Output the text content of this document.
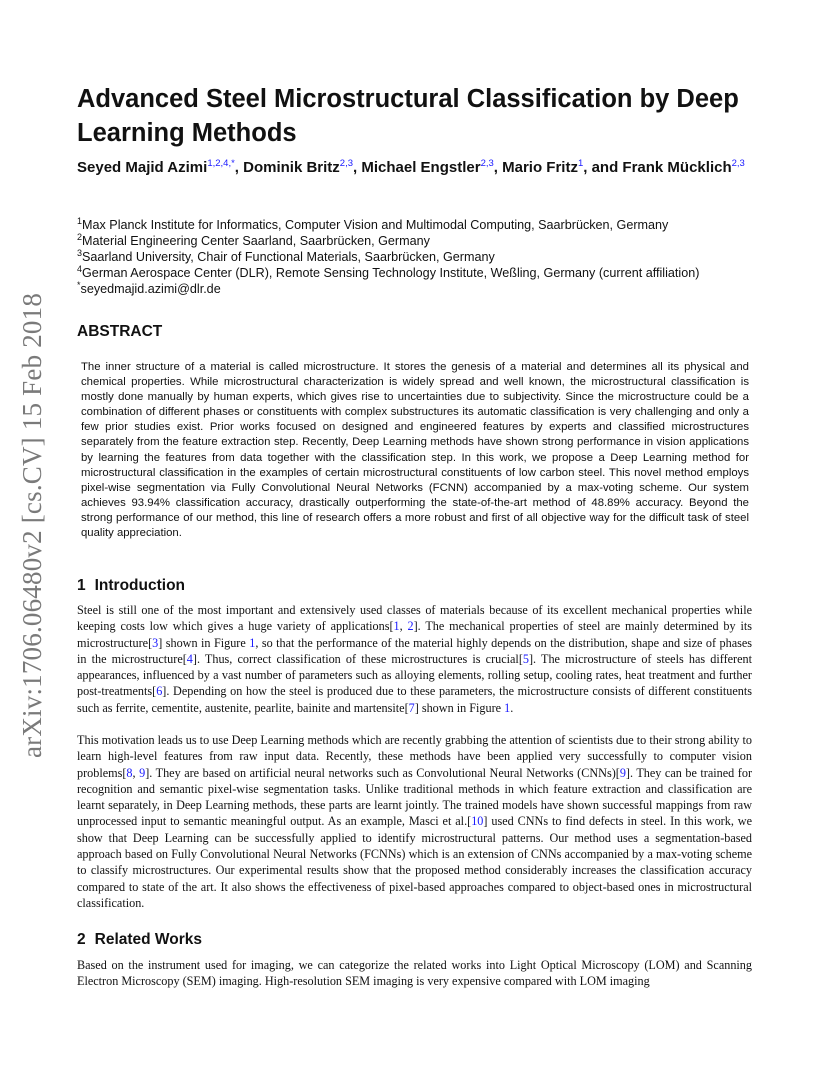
arXiv:1706.06480v2 [cs.CV] 15 Feb 2018
Advanced Steel Microstructural Classification by Deep Learning Methods
Seyed Majid Azimi$^{1,2,4,*}$, Dominik Britz$^{2,3}$, Michael Engstler$^{2,3}$, Mario Fritz$^1$, and Frank Mücklich$^{2,3}$
$^1$Max Planck Institute for Informatics, Computer Vision and Multimodal Computing, Saarbrücken, Germany
$^2$Material Engineering Center Saarland, Saarbrücken, Germany
$^3$Saarland University, Chair of Functional Materials, Saarbrücken, Germany
$^4$German Aerospace Center (DLR), Remote Sensing Technology Institute, Weßling, Germany (current affiliation)
*seyedmajid.azimi@dlr.de
ABSTRACT

The inner structure of a material is called microstructure. It stores the genesis of a material and determines all its physical and chemical properties. While microstructural characterization is widely spread and well known, the microstructural classification is mostly done manually by human experts, which gives rise to uncertainties due to subjectivity. Since the microstructure could be a combination of different phases or constituents with complex substructures its automatic classification is very challenging and only a few prior studies exist. Prior works focused on designed and engineered features by experts and classified microstructures separately from the feature extraction step. Recently, Deep Learning methods have shown strong performance in vision applications by learning the features from data together with the classification step. In this work, we propose a Deep Learning method for microstructural classification in the examples of certain microstructural constituents of low carbon steel. This novel method employs pixel-wise segmentation via Fully Convolutional Neural Networks (FCNN) accompanied by a max-voting scheme. Our system achieves 93.94% classification accuracy, drastically outperforming the state-of-the-art method of 48.89% accuracy. Beyond the strong performance of our method, this line of research offers a more robust and first of all objective way for the difficult task of steel quality appreciation.

1 Introduction

Steel is still one of the most important and extensively used classes of materials because of its excellent mechanical properties while keeping costs low which gives a huge variety of applications[1, 2]. The mechanical properties of steel are mainly determined by its microstructure[3] shown in Figure 1, so that the performance of the material highly depends on the distribution, shape and size of phases in the microstructure[4]. Thus, correct classification of these microstructures is crucial[5]. The microstructure of steels has different appearances, influenced by a vast number of parameters such as alloying elements, rolling setup, cooling rates, heat treatment and further post-treatments[6]. Depending on how the steel is produced due to these parameters, the microstructure consists of different constituents such as ferrite, cementite, austenite, pearlite, bainite and martensite[7] shown in Figure 1.

This motivation leads us to use Deep Learning methods which are recently grabbing the attention of scientists due to their strong ability to learn high-level features from raw input data. Recently, these methods have been applied very successfully to computer vision problems[8, 9]. They are based on artificial neural networks such as Convolutional Neural Networks (CNNs)[9]. They can be trained for recognition and semantic pixel-wise segmentation tasks. Unlike traditional methods in which feature extraction and classification are learnt separately, in Deep Learning methods, these parts are learnt jointly. The trained models have shown successful mappings from raw unprocessed input to semantic meaningful output. As an example, Masci et al.[10] used CNNs to find defects in steel. In this work, we show that Deep Learning can be successfully applied to identify microstructural patterns. Our method uses a segmentation-based approach based on Fully Convolutional Neural Networks (FCNNs) which is an extension of CNNs accompanied by a max-voting scheme to classify microstructures. Our experimental results show that the proposed method considerably increases the classification accuracy compared to state of the art. It also shows the effectiveness of pixel-based approaches compared to object-based ones in microstructural classification.

2 Related Works

Based on the instrument used for imaging, we can categorize the related works into Light Optical Microscopy (LOM) and Scanning Electron Microscopy (SEM) imaging. High-resolution SEM imaging is very expensive compared with LOM imaging
